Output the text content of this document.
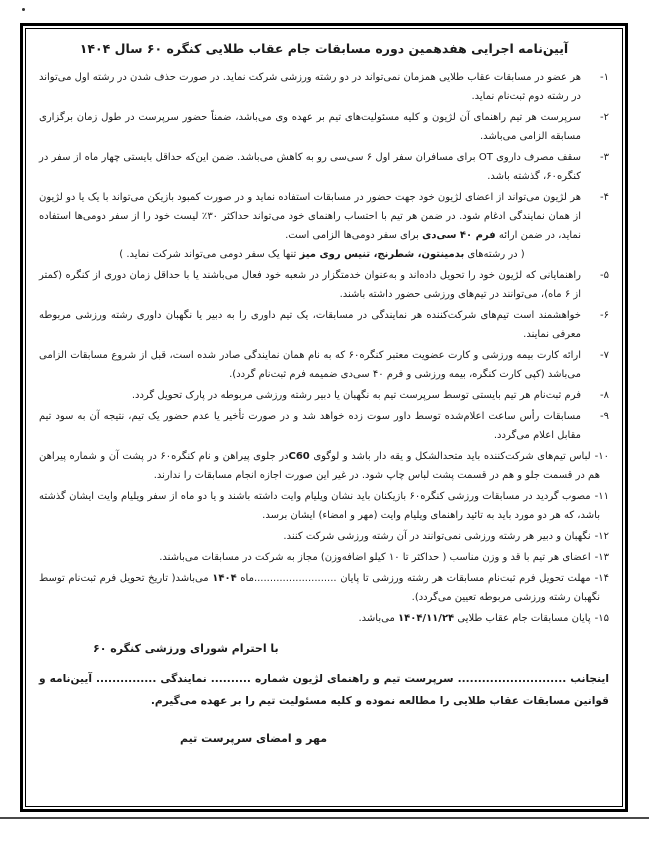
آیین‌نامه اجرایی هفدهمین دوره مسابقات جام عقاب طلایی کنگره ۶۰ سال ۱۴۰۴
۱-هر عضو در مسابقات عقاب طلایی همزمان نمی‌تواند در دو رشته ورزشی شرکت نماید. در صورت حذف شدن در رشته اول می‌تواند در رشته دوم ثبت‌نام نماید.
۲-سرپرست هر تیم راهنمای آن لژیون و کلیه مسئولیت‌های تیم بر عهده وی می‌باشد، ضمناً حضور سرپرست در طول زمان برگزاری مسابقه الزامی می‌باشد.
۳-سقف مصرف داروی OT برای مسافران سفر اول ۶ سی‌سی رو به کاهش می‌باشد. ضمن این‌که حداقل بایستی چهار ماه از سفر در کنگره۶۰، گذشته باشد.
۴-هر لژیون می‌تواند از اعضای لژیون خود جهت حضور در مسابقات استفاده نماید و در صورت کمبود بازیکن می‌تواند با یک یا دو لژیون از همان نمایندگی ادغام شود. در ضمن هر تیم با احتساب راهنمای خود می‌تواند حداکثر ۳۰٪ لیست خود را از سفر دومی‌ها استفاده نماید، در ضمن ارائه فرم ۴۰ سی‌دی برای سفر دومی‌ها الزامی است.
( در رشته‌های بدمینتون، شطرنج، تنیس روی میز تنها یک سفر دومی می‌تواند شرکت نماید. )
۵-راهنمایانی که لژیون خود را تحویل داده‌اند و به‌عنوان خدمتگزار در شعبه خود فعال می‌باشند یا با حداقل زمان دوری از کنگره (کمتر از ۶ ماه)، می‌توانند در تیم‌های ورزشی حضور داشته باشند.
۶-خواهشمند است تیم‌های شرکت‌کننده هر نمایندگی در مسابقات، یک تیم داوری را به دبیر یا نگهبان داوری رشته ورزشی مربوطه معرفی نمایند.
۷-ارائه کارت بیمه ورزشی و کارت عضویت معتبر کنگره۶۰ که به نام همان نمایندگی صادر شده است، قبل از شروع مسابقات الزامی می‌باشد (کپی کارت کنگره، بیمه ورزشی و فرم ۴۰ سی‌دی ضمیمه فرم ثبت‌نام گردد).
۸-فرم ثبت‌نام هر تیم بایستی توسط سرپرست تیم به نگهبان یا دبیر رشته ورزشی مربوطه در پارک تحویل گردد.
۹-مسابقات رأس ساعت اعلام‌شده توسط داور سوت زده خواهد شد و در صورت تأخیر یا عدم حضور یک تیم، نتیجه آن به سود تیم مقابل اعلام می‌گردد.
۱۰-لباس تیم‌های شرکت‌کننده باید متحدالشکل و یقه دار باشد و لوگوی C60در جلوی پیراهن و نام کنگره۶۰ در پشت آن و شماره پیراهن هم در قسمت جلو و هم در قسمت پشت لباس چاپ شود. در غیر این صورت اجازه انجام مسابقات را ندارند.
۱۱-مصوب گردید در مسابقات ورزشی کنگره۶۰ بازیکنان باید نشان ویلیام وایت داشته باشند و یا دو ماه از سفر ویلیام وایت ایشان گذشته باشد، که هر دو مورد باید به تائید راهنمای ویلیام وایت (مهر و امضاء) ایشان برسد.
۱۲-نگهبان و دبیر هر رشته ورزشی نمی‌توانند در آن رشته ورزشی شرکت کنند.
۱۳-اعضای هر تیم با قد و وزن مناسب ( حداکثر تا ۱۰ کیلو اضافه‌وزن) مجاز به شرکت در مسابقات می‌باشند.
۱۴-مهلت تحویل فرم ثبت‌نام مسابقات هر رشته ورزشی تا پایان ..........................ماه ۱۴۰۴ می‌باشد( تاریخ تحویل فرم ثبت‌نام توسط نگهبان رشته ورزشی مربوطه تعیین می‌گردد).
۱۵-پایان مسابقات جام عقاب طلایی ۱۴۰۴/۱۱/۲۴ می‌باشد.
با احترام شورای ورزشی کنگره ۶۰
اینجانب ........................... سرپرست تیم و راهنمای لژیون شماره .......... نمایندگی ............... آیین‌نامه و قوانین مسابقات عقاب طلایی را مطالعه نموده و کلیه مسئولیت تیم را بر عهده می‌گیرم.
مهر و امضای سرپرست تیم
